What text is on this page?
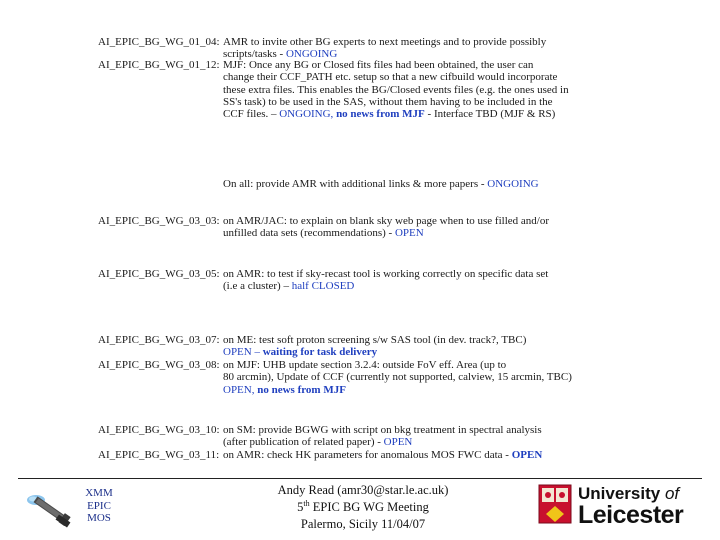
AI_EPIC_BG_WG_01_04: AMR to invite other BG experts to next meetings and to provide possibly
scripts/tasks - ONGOING
AI_EPIC_BG_WG_01_12: MJF: Once any BG or Closed fits files had been obtained, the user can
change their CCF_PATH etc. setup so that a new cifbuild would incorporate
these extra files. This enables the BG/Closed events files (e.g. the ones used in
SS's task) to be used in the SAS, without them having to be included in the
CCF files. – ONGOING, no news from MJF - Interface TBD (MJF & RS)
On all: provide AMR with additional links & more papers - ONGOING
AI_EPIC_BG_WG_03_03: on AMR/JAC: to explain on blank sky web page when to use filled and/or
unfilled data sets (recommendations) - OPEN
AI_EPIC_BG_WG_03_05: on AMR: to test if sky-recast tool is working correctly on specific data set
(i.e a cluster) – half CLOSED
AI_EPIC_BG_WG_03_07: on ME: test soft proton screening s/w SAS tool (in dev. track?, TBC)
OPEN – waiting for task delivery
AI_EPIC_BG_WG_03_08: on MJF: UHB update section 3.2.4: outside FoV eff. Area (up to
80 arcmin), Update of CCF (currently not supported, calview, 15 arcmin, TBC)
OPEN, no news from MJF
AI_EPIC_BG_WG_03_10: on SM: provide BGWG with script on bkg treatment in spectral analysis
(after publication of related paper) - OPEN
AI_EPIC_BG_WG_03_11: on AMR: check HK parameters for anomalous MOS FWC data - OPEN
XMM
EPIC
MOS
Andy Read (amr30@star.le.ac.uk)
5th EPIC BG WG Meeting
Palermo, Sicily 11/04/07
University of
Leicester
